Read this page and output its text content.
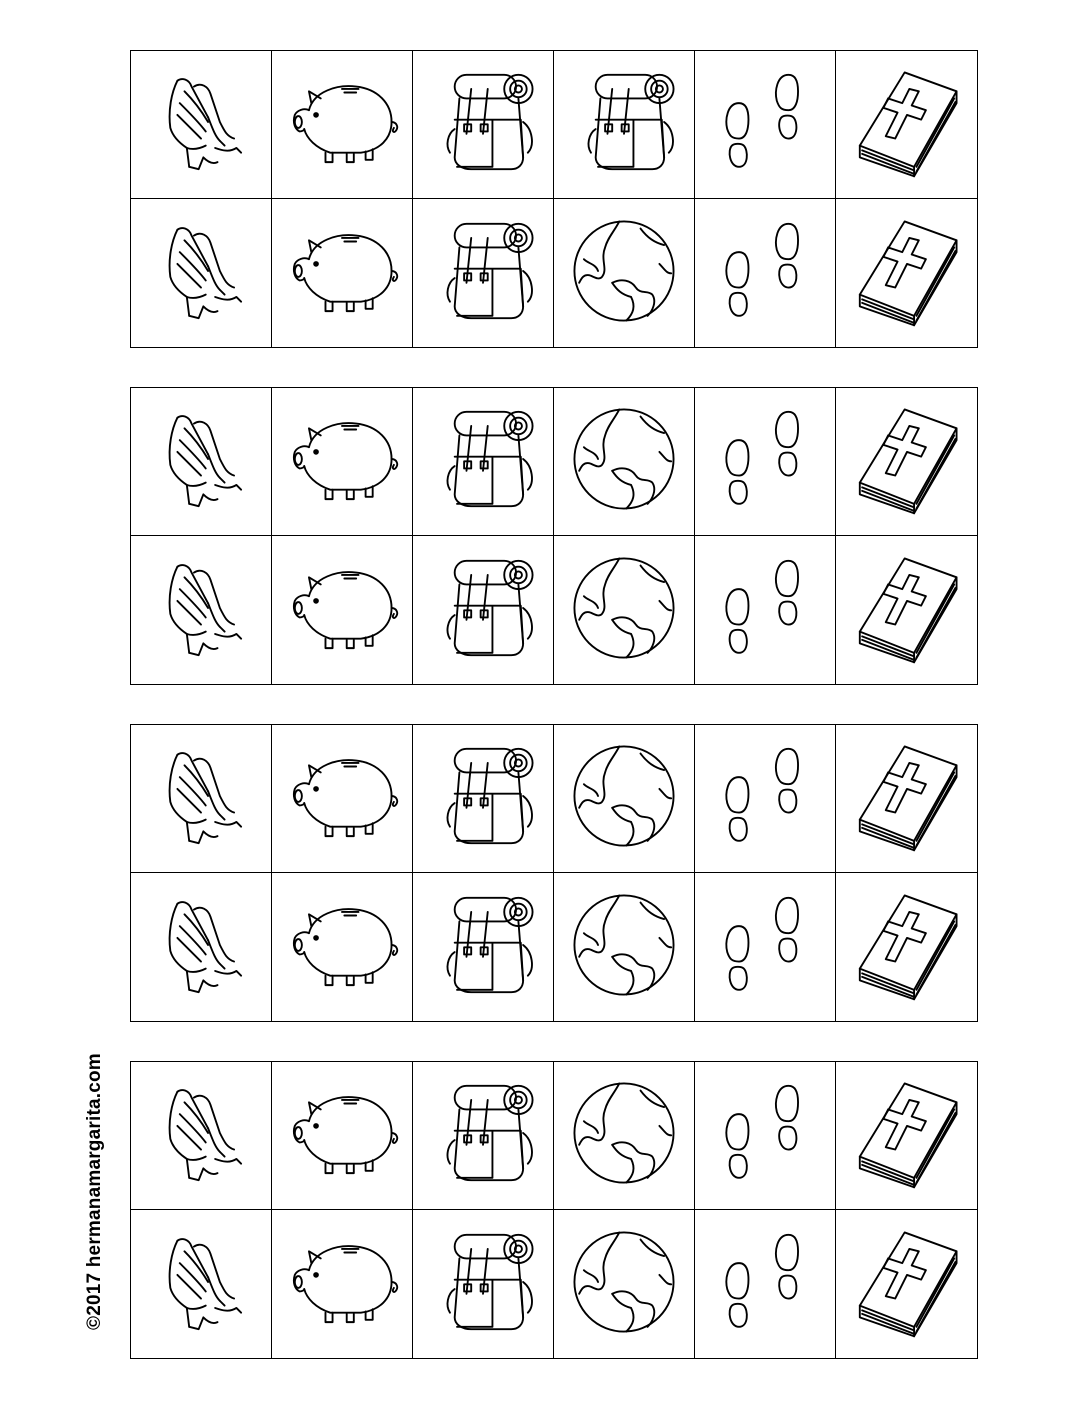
©2017 hermanamargarita.com
